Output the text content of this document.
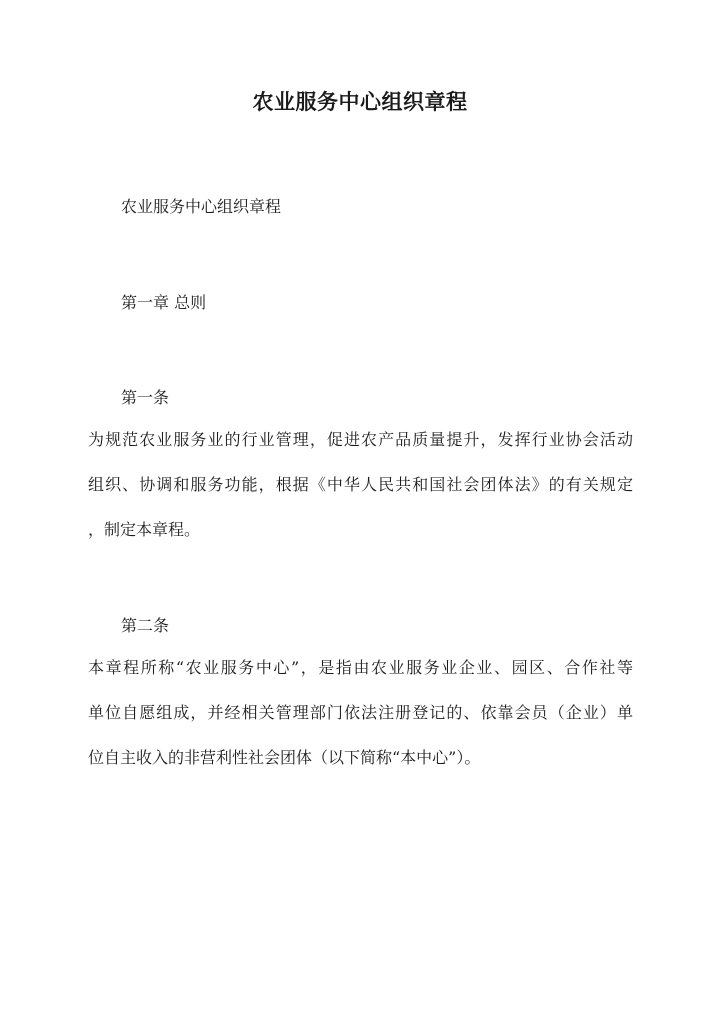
农业服务中心组织章程
农业服务中心组织章程
第一章 总则
第一条
为规范农业服务业的行业管理，促进农产品质量提升，发挥行业协会活动
组织、协调和服务功能，根据《中华人民共和国社会团体法》的有关规定
，制定本章程。
第二条
本章程所称“农业服务中心”，是指由农业服务业企业、园区、合作社等
单位自愿组成，并经相关管理部门依法注册登记的、依靠会员（企业）单
位自主收入的非营利性社会团体（以下简称“本中心”）。
